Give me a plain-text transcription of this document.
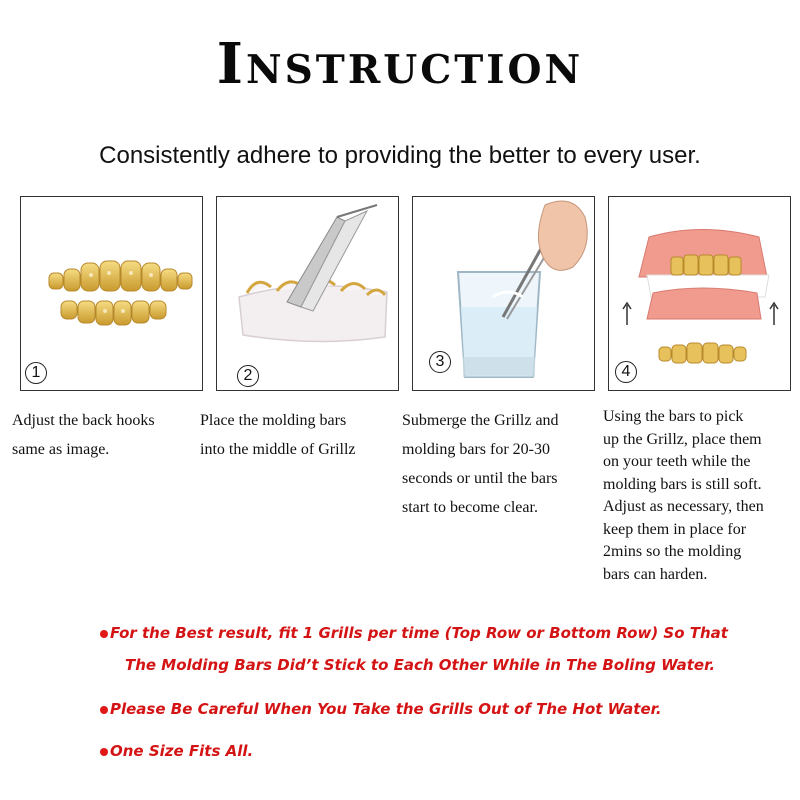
Instruction
Consistently adhere to providing the better to every user.
1	2
3
4
Adjust the back hooks
same as image.
Place the molding bars
into the middle of Grillz
Submerge the Grillz and
molding bars for 20-30
seconds or until the bars
start to become clear.
Using the bars to pick
up the Grillz, place them
on your teeth while the
molding bars is still soft.
Adjust as necessary, then
keep them in place for
2mins so the molding
bars can harden.
For the Best result, fit 1 Grills per time (Top Row or Bottom Row) So That
The Molding Bars Did’t Stick to Each Other While in The Boling Water.
Please Be Careful When You Take the Grills Out of The Hot Water.
One Size Fits All.
